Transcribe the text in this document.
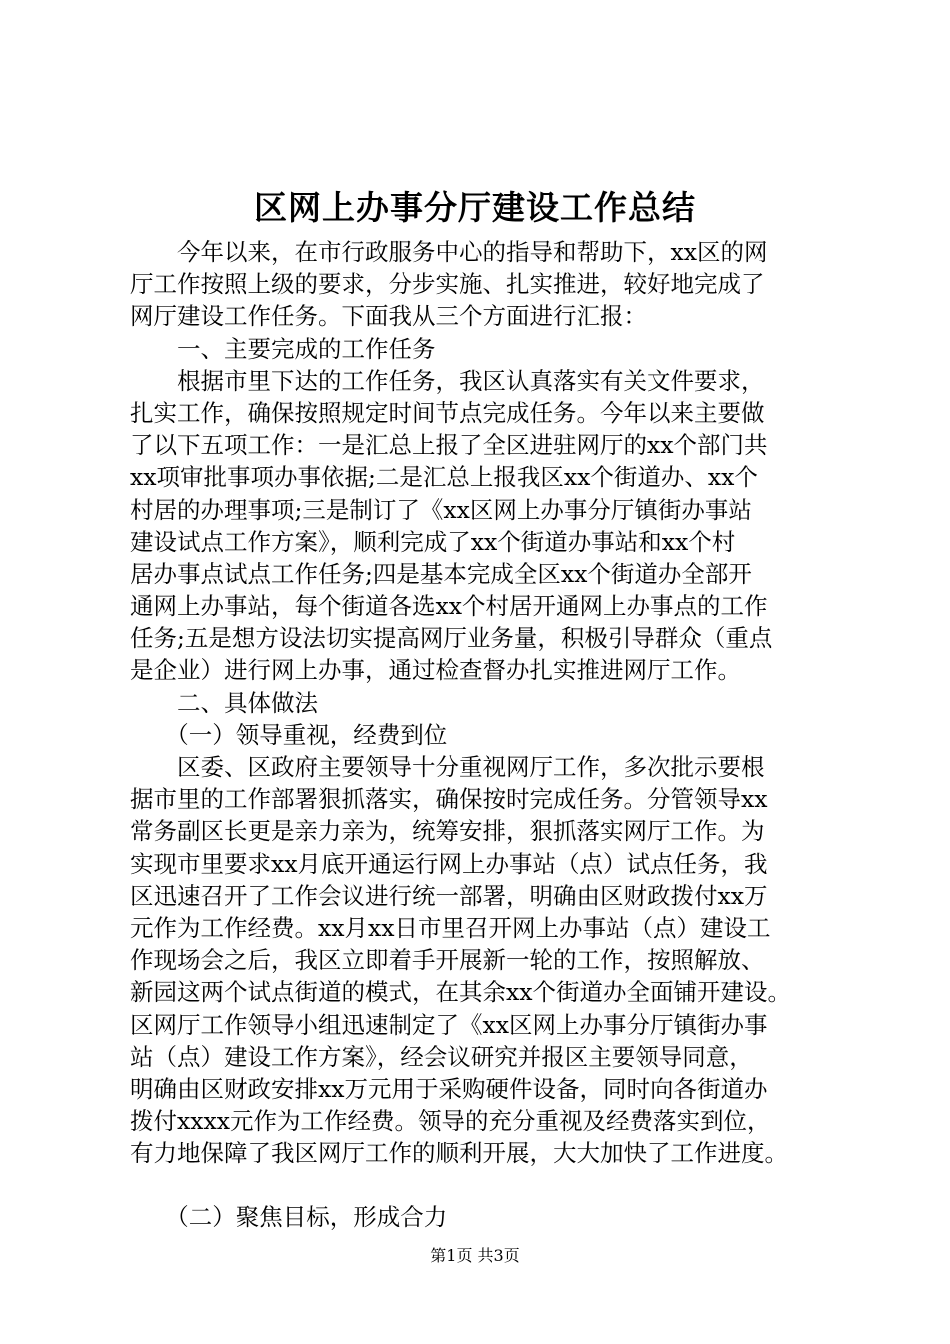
区网上办事分厅建设工作总结
　　今年以来，在市行政服务中心的指导和帮助下，xx区的网
厅工作按照上级的要求，分步实施、扎实推进，较好地完成了
网厅建设工作任务。下面我从三个方面进行汇报：
　　一、主要完成的工作任务
　　根据市里下达的工作任务，我区认真落实有关文件要求，
扎实工作，确保按照规定时间节点完成任务。今年以来主要做
了以下五项工作：一是汇总上报了全区进驻网厅的xx个部门共
xx项审批事项办事依据;二是汇总上报我区xx个街道办、xx个
村居的办理事项;三是制订了《xx区网上办事分厅镇街办事站
建设试点工作方案》，顺利完成了xx个街道办事站和xx个村
居办事点试点工作任务;四是基本完成全区xx个街道办全部开
通网上办事站，每个街道各选xx个村居开通网上办事点的工作
任务;五是想方设法切实提高网厅业务量，积极引导群众（重点
是企业）进行网上办事，通过检查督办扎实推进网厅工作。
　　二、具体做法
　　（一）领导重视，经费到位
　　区委、区政府主要领导十分重视网厅工作，多次批示要根
据市里的工作部署狠抓落实，确保按时完成任务。分管领导xx
常务副区长更是亲力亲为，统筹安排，狠抓落实网厅工作。为
实现市里要求xx月底开通运行网上办事站（点）试点任务，我
区迅速召开了工作会议进行统一部署，明确由区财政拨付xx万
元作为工作经费。xx月xx日市里召开网上办事站（点）建设工
作现场会之后，我区立即着手开展新一轮的工作，按照解放、
新园这两个试点街道的模式，在其余xx个街道办全面铺开建设。
区网厅工作领导小组迅速制定了《xx区网上办事分厅镇街办事
站（点）建设工作方案》，经会议研究并报区主要领导同意，
明确由区财政安排xx万元用于采购硬件设备，同时向各街道办
拨付xxxx元作为工作经费。领导的充分重视及经费落实到位，
有力地保障了我区网厅工作的顺利开展，大大加快了工作进度。
　　（二）聚焦目标，形成合力
第1页 共3页
